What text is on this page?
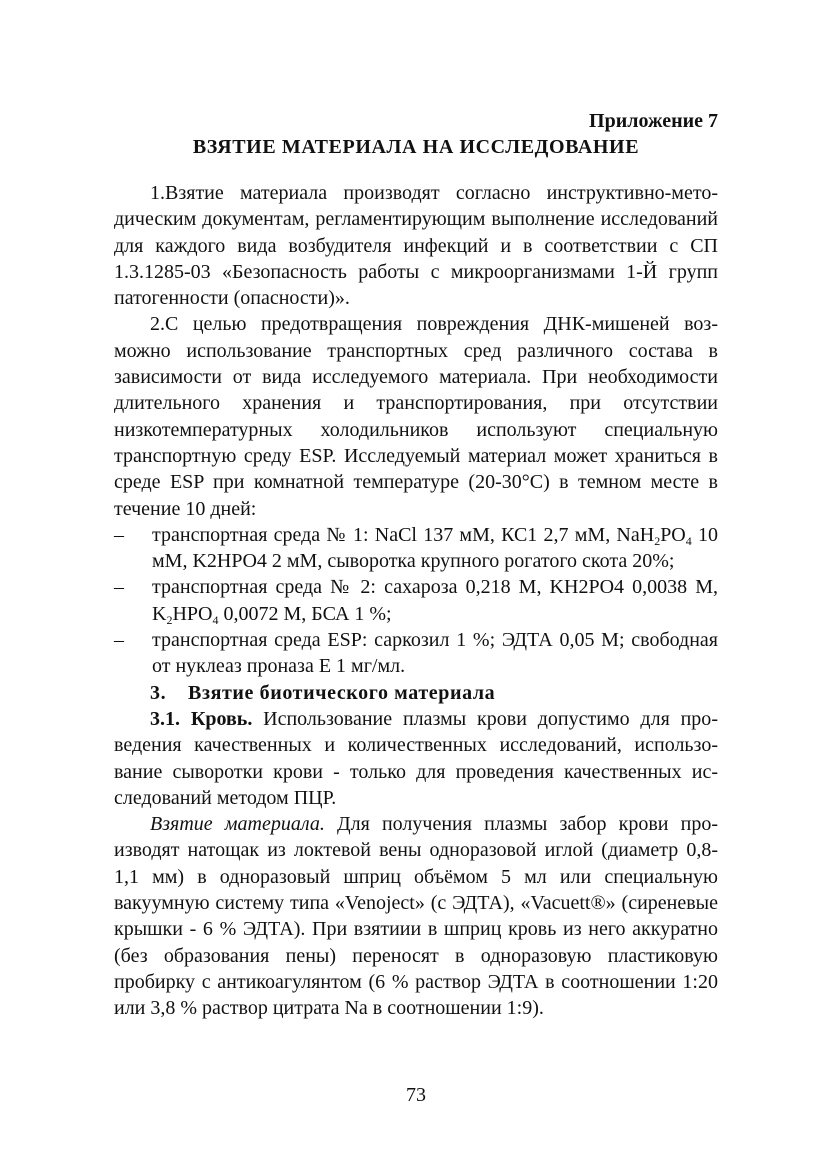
Приложение 7

ВЗЯТИЕ МАТЕРИАЛА НА ИССЛЕДОВАНИЕ

1.Взятие материала производят согласно инструктивно-методическим документам, регламентирующим выполнение исследований для каждого вида возбудителя инфекций и в соответствии с СП 1.3.1285-03 «Безопасность работы с микроорганизмами 1-Й групп патогенности (опасности)».

2.С целью предотвращения повреждения ДНК-мишеней возможно использование транспортных сред различного состава в зависимости от вида исследуемого материала. При необходимости длительного хранения и транспортирования, при отсутствии низкотемпературных холодильников используют специальную транспортную среду ESP. Исследуемый материал может храниться в среде ESP при комнатной температуре (20-30°С) в темном месте в течение 10 дней:

– транспортная среда № 1: NaCl 137 мМ, КС1 2,7 мМ, $NaH_2PO_4$ 10 мМ, K2HPO4 2 мМ, сыворотка крупного рогатого скота 20%;
– транспортная среда № 2: сахароза 0,218 М, KH2PO4 0,0038 М, $K_2HPO_4$ 0,0072 М, БСА 1 %;
– транспортная среда ESP: саркозил 1 %; ЭДТА 0,05 М; свободная от нуклеаз проназа Е 1 мг/мл.

3. Взятие биотического материала

3.1. Кровь. Использование плазмы крови допустимо для проведения качественных и количественных исследований, использование сыворотки крови - только для проведения качественных исследований методом ПЦР.

Взятие материала. Для получения плазмы забор крови производят натощак из локтевой вены одноразовой иглой (диаметр 0,8-1,1 мм) в одноразовый шприц объёмом 5 мл или специальную вакуумную систему типа «Venoject» (с ЭДТА), «Vacuett®» (сиреневые крышки - 6 % ЭДТА). При взятиии в шприц кровь из него аккуратно (без образования пены) переносят в одноразовую пластиковую пробирку с антикоагулянтом (6 % раствор ЭДТА в соотношении 1:20 или 3,8 % раствор цитрата Na в соотношении 1:9).

73
